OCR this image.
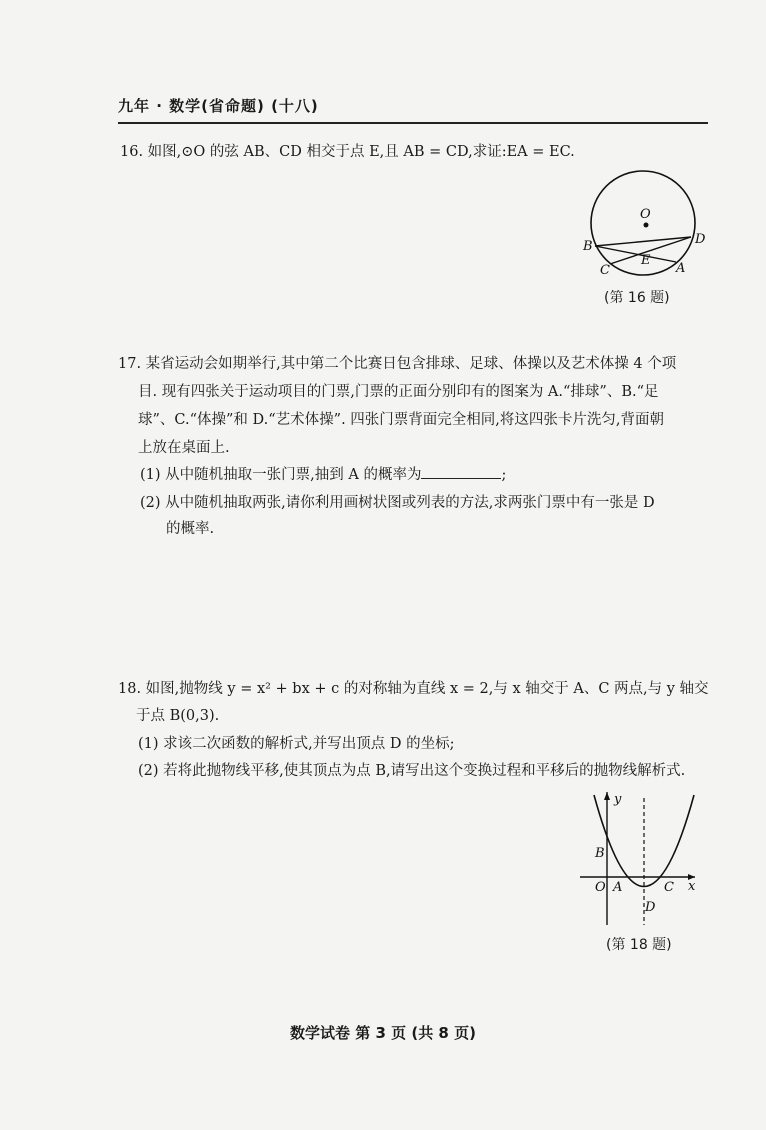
九年 · 数学(省命题) (十八)
16. 如图,⊙O 的弦 AB、CD 相交于点 E,且 AB = CD,求证:EA = EC.
O
B	D
E
C	A
(第 16 题)
17. 某省运动会如期举行,其中第二个比赛日包含排球、足球、体操以及艺术体操 4 个项
目. 现有四张关于运动项目的门票,门票的正面分别印有的图案为 A.“排球”、B.“足
球”、C.“体操”和 D.“艺术体操”. 四张门票背面完全相同,将这四张卡片洗匀,背面朝
上放在桌面上.
(1) 从中随机抽取一张门票,抽到 A 的概率为	;
(2) 从中随机抽取两张,请你利用画树状图或列表的方法,求两张门票中有一张是 D
的概率.
18. 如图,抛物线 y = x² + bx + c 的对称轴为直线 x = 2,与 x 轴交于 A、C 两点,与 y 轴交
于点 B(0,3).
(1) 求该二次函数的解析式,并写出顶点 D 的坐标;
(2) 若将此抛物线平移,使其顶点为点 B,请写出这个变换过程和平移后的抛物线解析式.
y
B
O A	C x
D
(第 18 题)
数学试卷 第 3 页 (共 8 页)
